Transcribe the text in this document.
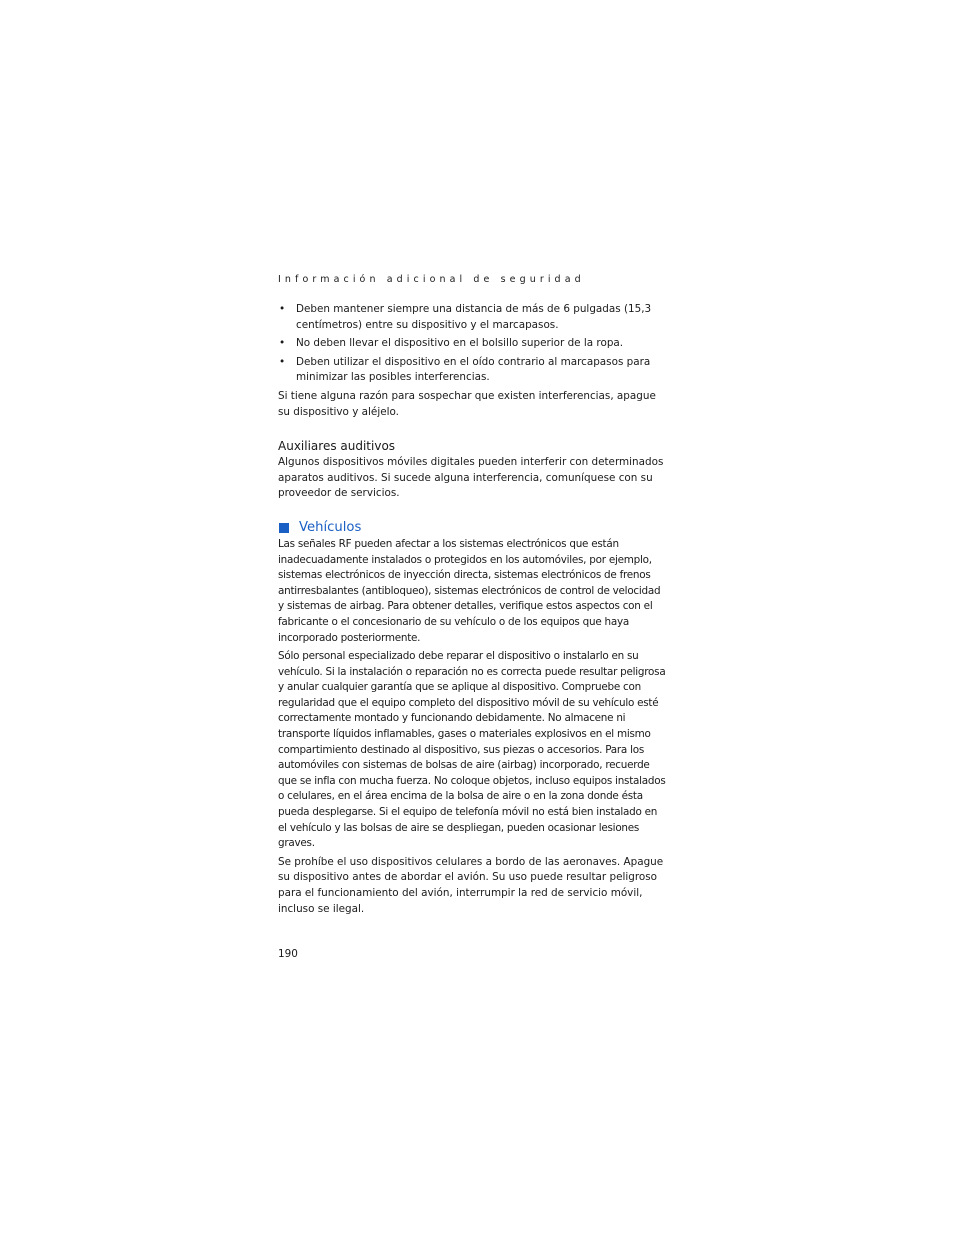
Información adicional de seguridad
• Deben mantener siempre una distancia de más de 6 pulgadas (15,3 centímetros) entre su dispositivo y el marcapasos.
• No deben llevar el dispositivo en el bolsillo superior de la ropa.
• Deben utilizar el dispositivo en el oído contrario al marcapasos para minimizar las posibles interferencias.

Si tiene alguna razón para sospechar que existen interferencias, apague su dispositivo y aléjelo.

Auxiliares auditivos

Algunos dispositivos móviles digitales pueden interferir con determinados aparatos auditivos. Si sucede alguna interferencia, comuníquese con su proveedor de servicios.

Vehículos

Las señales RF pueden afectar a los sistemas electrónicos que están inadecuadamente instalados o protegidos en los automóviles, por ejemplo, sistemas electrónicos de inyección directa, sistemas electrónicos de frenos antirresbalantes (antibloqueo), sistemas electrónicos de control de velocidad y sistemas de airbag. Para obtener detalles, verifique estos aspectos con el fabricante o el concesionario de su vehículo o de los equipos que haya incorporado posteriormente.

Sólo personal especializado debe reparar el dispositivo o instalarlo en su vehículo. Si la instalación o reparación no es correcta puede resultar peligrosa y anular cualquier garantía que se aplique al dispositivo. Compruebe con regularidad que el equipo completo del dispositivo móvil de su vehículo esté correctamente montado y funcionando debidamente. No almacene ni transporte líquidos inflamables, gases o materiales explosivos en el mismo compartimiento destinado al dispositivo, sus piezas o accesorios. Para los automóviles con sistemas de bolsas de aire (airbag) incorporado, recuerde que se infla con mucha fuerza. No coloque objetos, incluso equipos instalados o celulares, en el área encima de la bolsa de aire o en la zona donde ésta pueda desplegarse. Si el equipo de telefonía móvil no está bien instalado en el vehículo y las bolsas de aire se despliegan, pueden ocasionar lesiones graves.

Se prohíbe el uso dispositivos celulares a bordo de las aeronaves. Apague su dispositivo antes de abordar el avión. Su uso puede resultar peligroso para el funcionamiento del avión, interrumpir la red de servicio móvil, incluso se ilegal.

190
